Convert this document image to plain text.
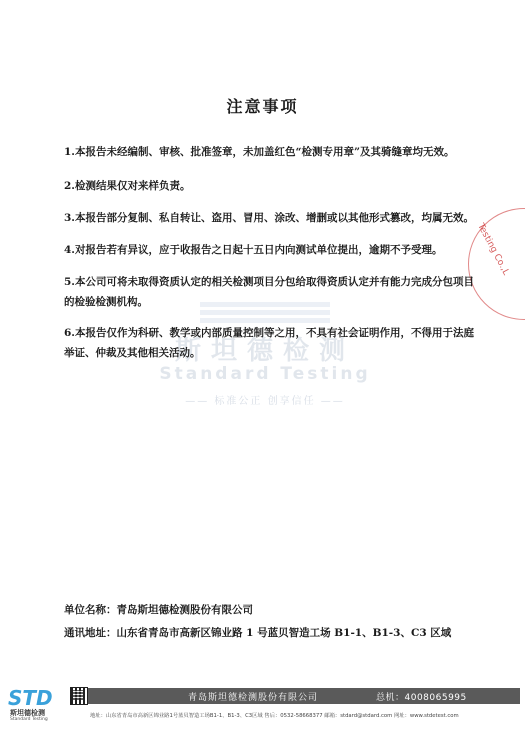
斯坦德检测
Standard Testing
—— 标准公正 创享信任 ——
Testing Co.,L
注意事项
1.本报告未经编制、审核、批准签章，未加盖红色“检测专用章”及其骑缝章均无效。
2.检测结果仅对来样负责。
3.本报告部分复制、私自转让、盗用、冒用、涂改、增删或以其他形式篡改，均属无效。
4.对报告若有异议，应于收报告之日起十五日内向测试单位提出，逾期不予受理。
5.本公司可将未取得资质认定的相关检测项目分包给取得资质认定并有能力完成分包项目的检验检测机构。
6.本报告仅作为科研、教学或内部质量控制等之用，不具有社会证明作用，不得用于法庭举证、仲裁及其他相关活动。
单位名称：青岛斯坦德检测股份有限公司
通讯地址：山东省青岛市高新区锦业路 1 号蓝贝智造工场 B1-1、B1-3、C3 区域
STD
斯坦德检测
Standard Testing
青岛斯坦德检测股份有限公司	总机：4008065995
地址：山东省青岛市高新区锦业路1号蓝贝智造工场B1-1、B1-3、C3区域 售后：0532-58668377 邮箱：stdard@stdard.com 网址：www.stdetest.com
